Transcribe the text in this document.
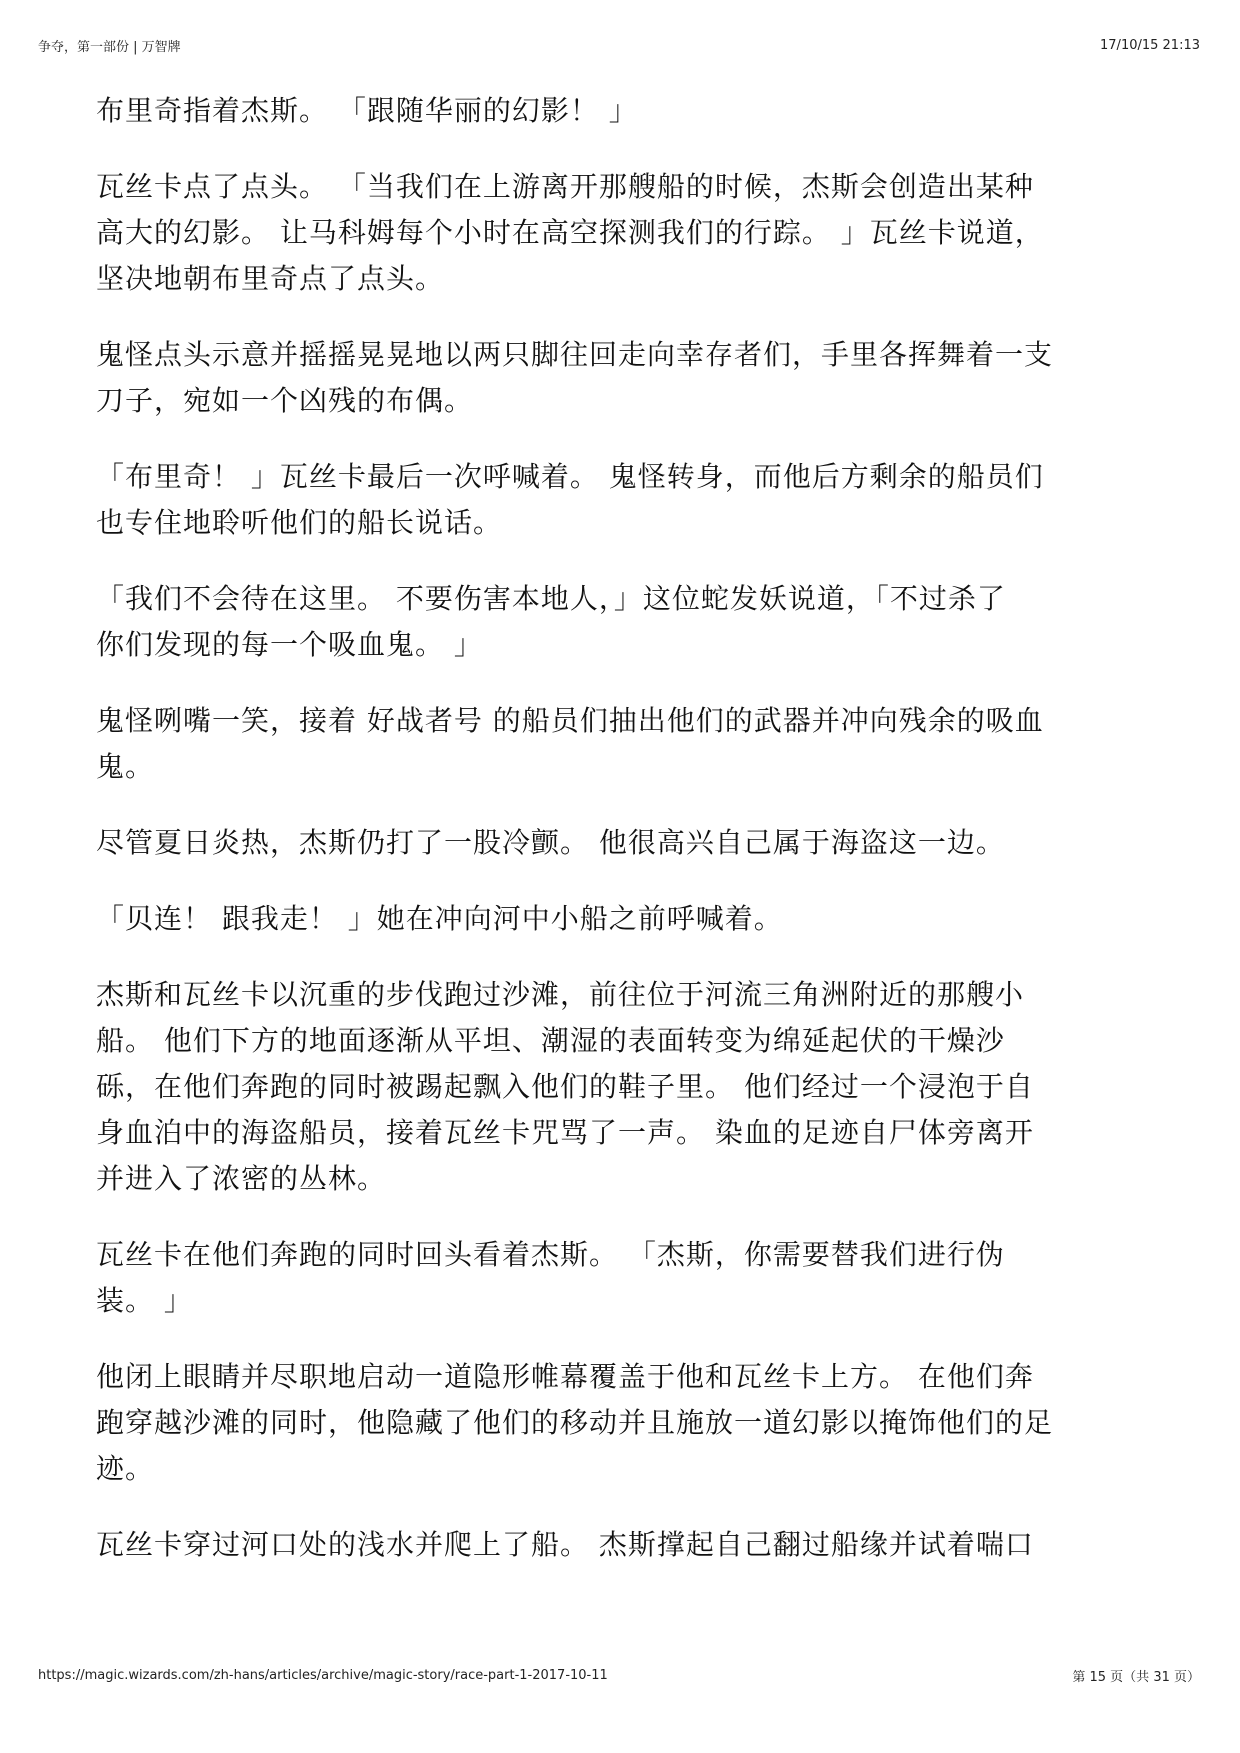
争夺，第一部份 | 万智牌	17/10/15 21:13

布里奇指着杰斯。 「跟随华丽的幻影！ 」

瓦丝卡点了点头。 「当我们在上游离开那艘船的时候，杰斯会创造出某种
高大的幻影。 让马科姆每个小时在高空探测我们的行踪。 」瓦丝卡说道，
坚决地朝布里奇点了点头。

鬼怪点头示意并摇摇晃晃地以两只脚往回走向幸存者们，手里各挥舞着一支
刀子，宛如一个凶残的布偶。

「布里奇！ 」瓦丝卡最后一次呼喊着。 鬼怪转身，而他后方剩余的船员们
也专住地聆听他们的船长说话。

「我们不会待在这里。 不要伤害本地人，」这位蛇发妖说道，「不过杀了
你们发现的每一个吸血鬼。 」

鬼怪咧嘴一笑，接着 好战者号 的船员们抽出他们的武器并冲向残余的吸血
鬼。

尽管夏日炎热，杰斯仍打了一股冷颤。 他很高兴自己属于海盗这一边。

「贝连！ 跟我走！ 」她在冲向河中小船之前呼喊着。

杰斯和瓦丝卡以沉重的步伐跑过沙滩，前往位于河流三角洲附近的那艘小
船。 他们下方的地面逐渐从平坦、潮湿的表面转变为绵延起伏的干燥沙
砾，在他们奔跑的同时被踢起飘入他们的鞋子里。 他们经过一个浸泡于自
身血泊中的海盗船员，接着瓦丝卡咒骂了一声。 染血的足迹自尸体旁离开
并进入了浓密的丛林。

瓦丝卡在他们奔跑的同时回头看着杰斯。 「杰斯，你需要替我们进行伪
装。 」

他闭上眼睛并尽职地启动一道隐形帷幕覆盖于他和瓦丝卡上方。 在他们奔
跑穿越沙滩的同时，他隐藏了他们的移动并且施放一道幻影以掩饰他们的足
迹。

瓦丝卡穿过河口处的浅水并爬上了船。 杰斯撑起自己翻过船缘并试着喘口

https://magic.wizards.com/zh-hans/articles/archive/magic-story/race-part-1-2017-10-11	第 15 页（共 31 页）
